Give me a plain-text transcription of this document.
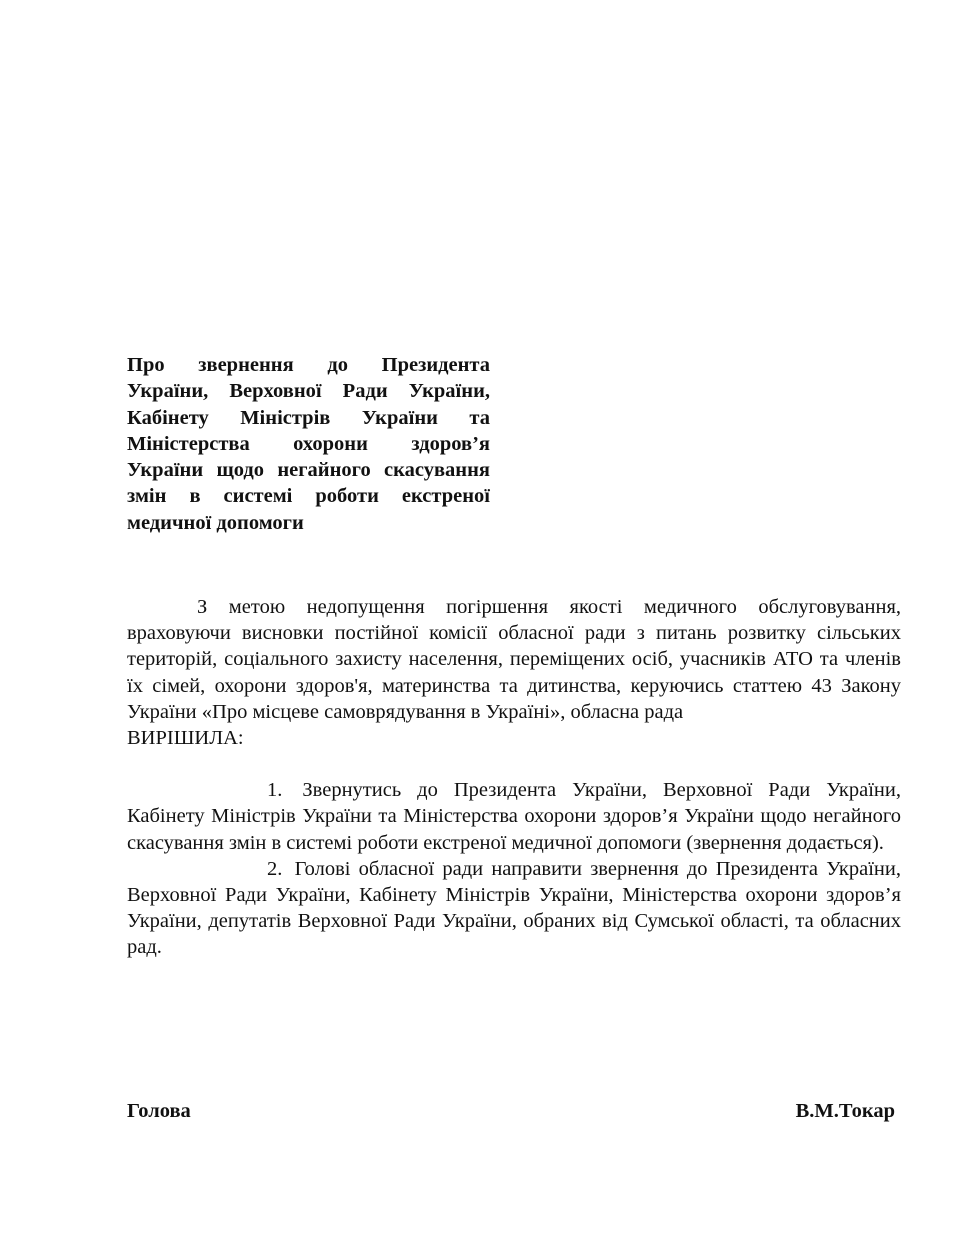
Про звернення до Президента України, Верховної Ради України, Кабінету Міністрів України та Міністерства охорони здоров’я України щодо негайного скасування змін в системі роботи екстреної медичної допомоги

З метою недопущення погіршення якості медичного обслуговування, враховуючи висновки постійної комісії обласної ради з питань розвитку сільських територій, соціального захисту населення, переміщених осіб, учасників АТО та членів їх сімей, охорони здоров'я, материнства та дитинства, керуючись статтею 43 Закону України «Про місцеве самоврядування в Україні», обласна рада

ВИРІШИЛА:

1. Звернутись до Президента України, Верховної Ради України, Кабінету Міністрів України та Міністерства охорони здоров’я України щодо негайного скасування змін в системі роботи екстреної медичної допомоги (звернення додається).
2. Голові обласної ради направити звернення до Президента України, Верховної Ради України, Кабінету Міністрів України, Міністерства охорони здоров’я України, депутатів Верховної Ради України, обраних від Сумської області, та обласних рад.
Голова	В.М.Токар
